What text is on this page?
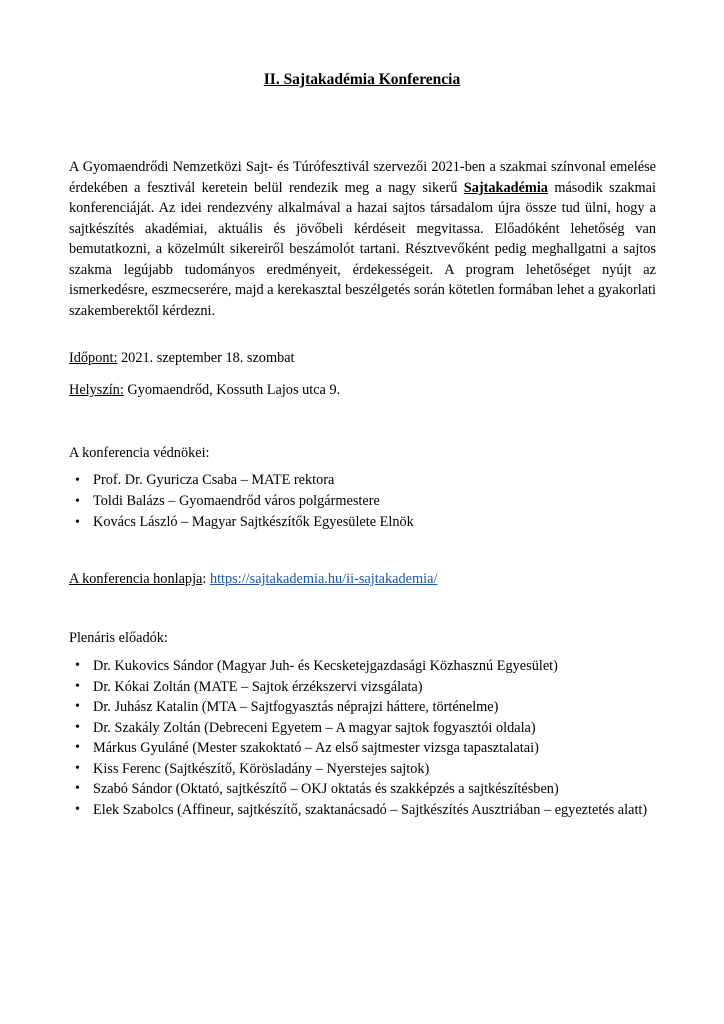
II. Sajtakadémia Konferencia

A Gyomaendrődi Nemzetközi Sajt- és Túrófesztivál szervezői 2021-ben a szakmai színvonal emelése érdekében a fesztivál keretein belül rendezik meg a nagy sikerű Sajtakadémia második szakmai konferenciáját. Az idei rendezvény alkalmával a hazai sajtos társadalom újra össze tud ülni, hogy a sajtkészítés akadémiai, aktuális és jövőbeli kérdéseit megvitassa. Előadóként lehetőség van bemutatkozni, a közelmúlt sikereiről beszámolót tartani. Résztvevőként pedig meghallgatni a sajtos szakma legújabb tudományos eredményeit, érdekességeit. A program lehetőséget nyújt az ismerkedésre, eszmecserére, majd a kerekasztal beszélgetés során kötetlen formában lehet a gyakorlati szakemberektől kérdezni.

Időpont: 2021. szeptember 18. szombat
Helyszín: Gyomaendrőd, Kossuth Lajos utca 9.
A konferencia védnökei:
• Prof. Dr. Gyuricza Csaba – MATE rektora
• Toldi Balázs – Gyomaendrőd város polgármestere
• Kovács László – Magyar Sajtkészítők Egyesülete Elnök
A konferencia honlapja: https://sajtakademia.hu/ii-sajtakademia/
Plenáris előadók:
• Dr. Kukovics Sándor (Magyar Juh- és Kecsketejgazdasági Közhasznú Egyesület)
• Dr. Kókai Zoltán (MATE – Sajtok érzékszervi vizsgálata)
• Dr. Juhász Katalin (MTA – Sajtfogyasztás néprajzi háttere, történelme)
• Dr. Szakály Zoltán (Debreceni Egyetem – A magyar sajtok fogyasztói oldala)
• Márkus Gyuláné (Mester szakoktató – Az első sajtmester vizsga tapasztalatai)
• Kiss Ferenc (Sajtkészítő, Körösladány – Nyerstejes sajtok)
• Szabó Sándor (Oktató, sajtkészítő – OKJ oktatás és szakképzés a sajtkészítésben)
• Elek Szabolcs (Affineur, sajtkészítő, szaktanácsadó – Sajtkészítés Ausztriában – egyeztetés alatt)
